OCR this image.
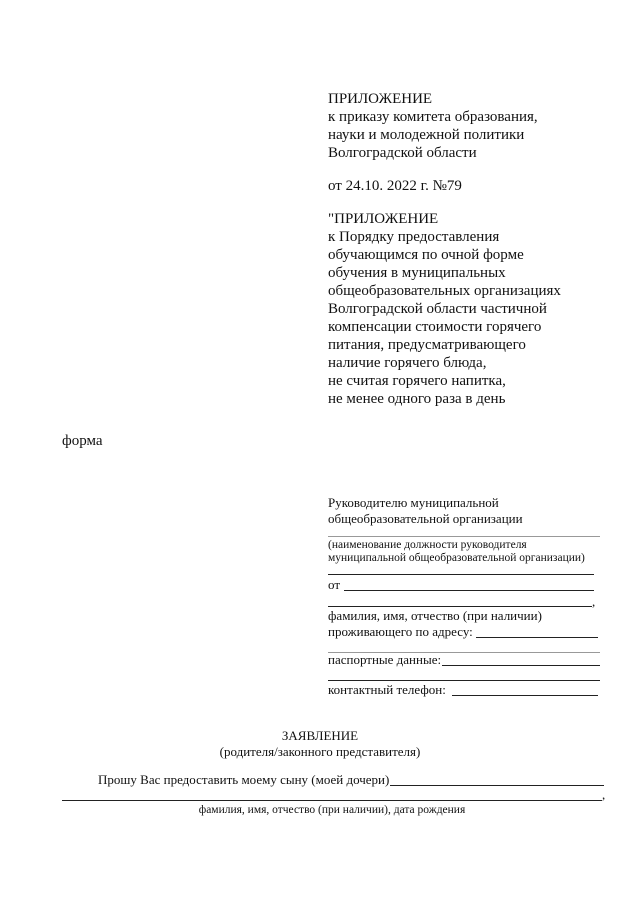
ПРИЛОЖЕНИЕ
к приказу комитета образования,
науки и молодежной политики
Волгоградской области
от 24.10. 2022 г. №79
"ПРИЛОЖЕНИЕ
к Порядку предоставления
обучающимся по очной форме
обучения в муниципальных
общеобразовательных организациях
Волгоградской области частичной
компенсации стоимости горячего
питания, предусматривающего
наличие горячего блюда,
не считая горячего напитка,
не менее одного раза в день
форма
Руководителю муниципальной
общеобразовательной организации
(наименование должности руководителя
муниципальной общеобразовательной организации)
от
,
фамилия, имя, отчество (при наличии)
проживающего по адресу:
паспортные данные:
контактный телефон:
ЗАЯВЛЕНИЕ
(родителя/законного представителя)
Прошу Вас предоставить моему сыну (моей дочери)
,
фамилия, имя, отчество (при наличии), дата рождения
